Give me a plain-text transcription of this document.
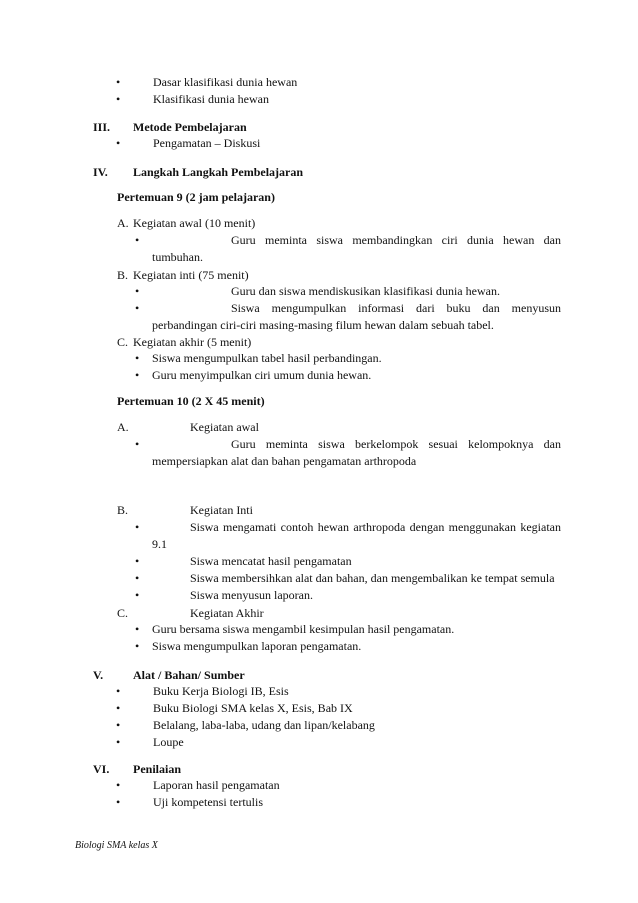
•	Dasar klasifikasi dunia hewan
•	Klasifikasi dunia hewan
III. Metode Pembelajaran
•	Pengamatan – Diskusi
IV. Langkah Langkah Pembelajaran
Pertemuan 9 (2 jam pelajaran)
A. Kegiatan awal (10 menit)
•	Guru meminta siswa membandingkan ciri dunia hewan dan
tumbuhan.
B. Kegiatan inti (75 menit)
•	Guru dan siswa mendiskusikan klasifikasi dunia hewan.
•	Siswa mengumpulkan informasi dari buku dan menyusun
perbandingan ciri-ciri masing-masing filum hewan dalam sebuah tabel.
C. Kegiatan akhir (5 menit)
• Siswa mengumpulkan tabel hasil perbandingan.
• Guru menyimpulkan ciri umum dunia hewan.
Pertemuan 10 (2 X 45 menit)
A.	Kegiatan awal
•	Guru meminta siswa berkelompok sesuai kelompoknya dan
mempersiapkan alat dan bahan pengamatan arthropoda
B.	Kegiatan Inti
•	Siswa mengamati contoh hewan arthropoda dengan menggunakan kegiatan
9.1
•	Siswa mencatat hasil pengamatan
•	Siswa membersihkan alat dan bahan, dan mengembalikan ke tempat semula
•	Siswa menyusun laporan.
C.	Kegiatan Akhir
• Guru bersama siswa mengambil kesimpulan hasil pengamatan.
• Siswa mengumpulkan laporan pengamatan.
V. Alat / Bahan/ Sumber
•	Buku Kerja Biologi IB, Esis
•	Buku Biologi SMA kelas X, Esis, Bab IX
•	Belalang, laba-laba, udang dan lipan/kelabang
•	Loupe
VI. Penilaian
•	Laporan hasil pengamatan
•	Uji kompetensi tertulis
Biologi SMA kelas X
